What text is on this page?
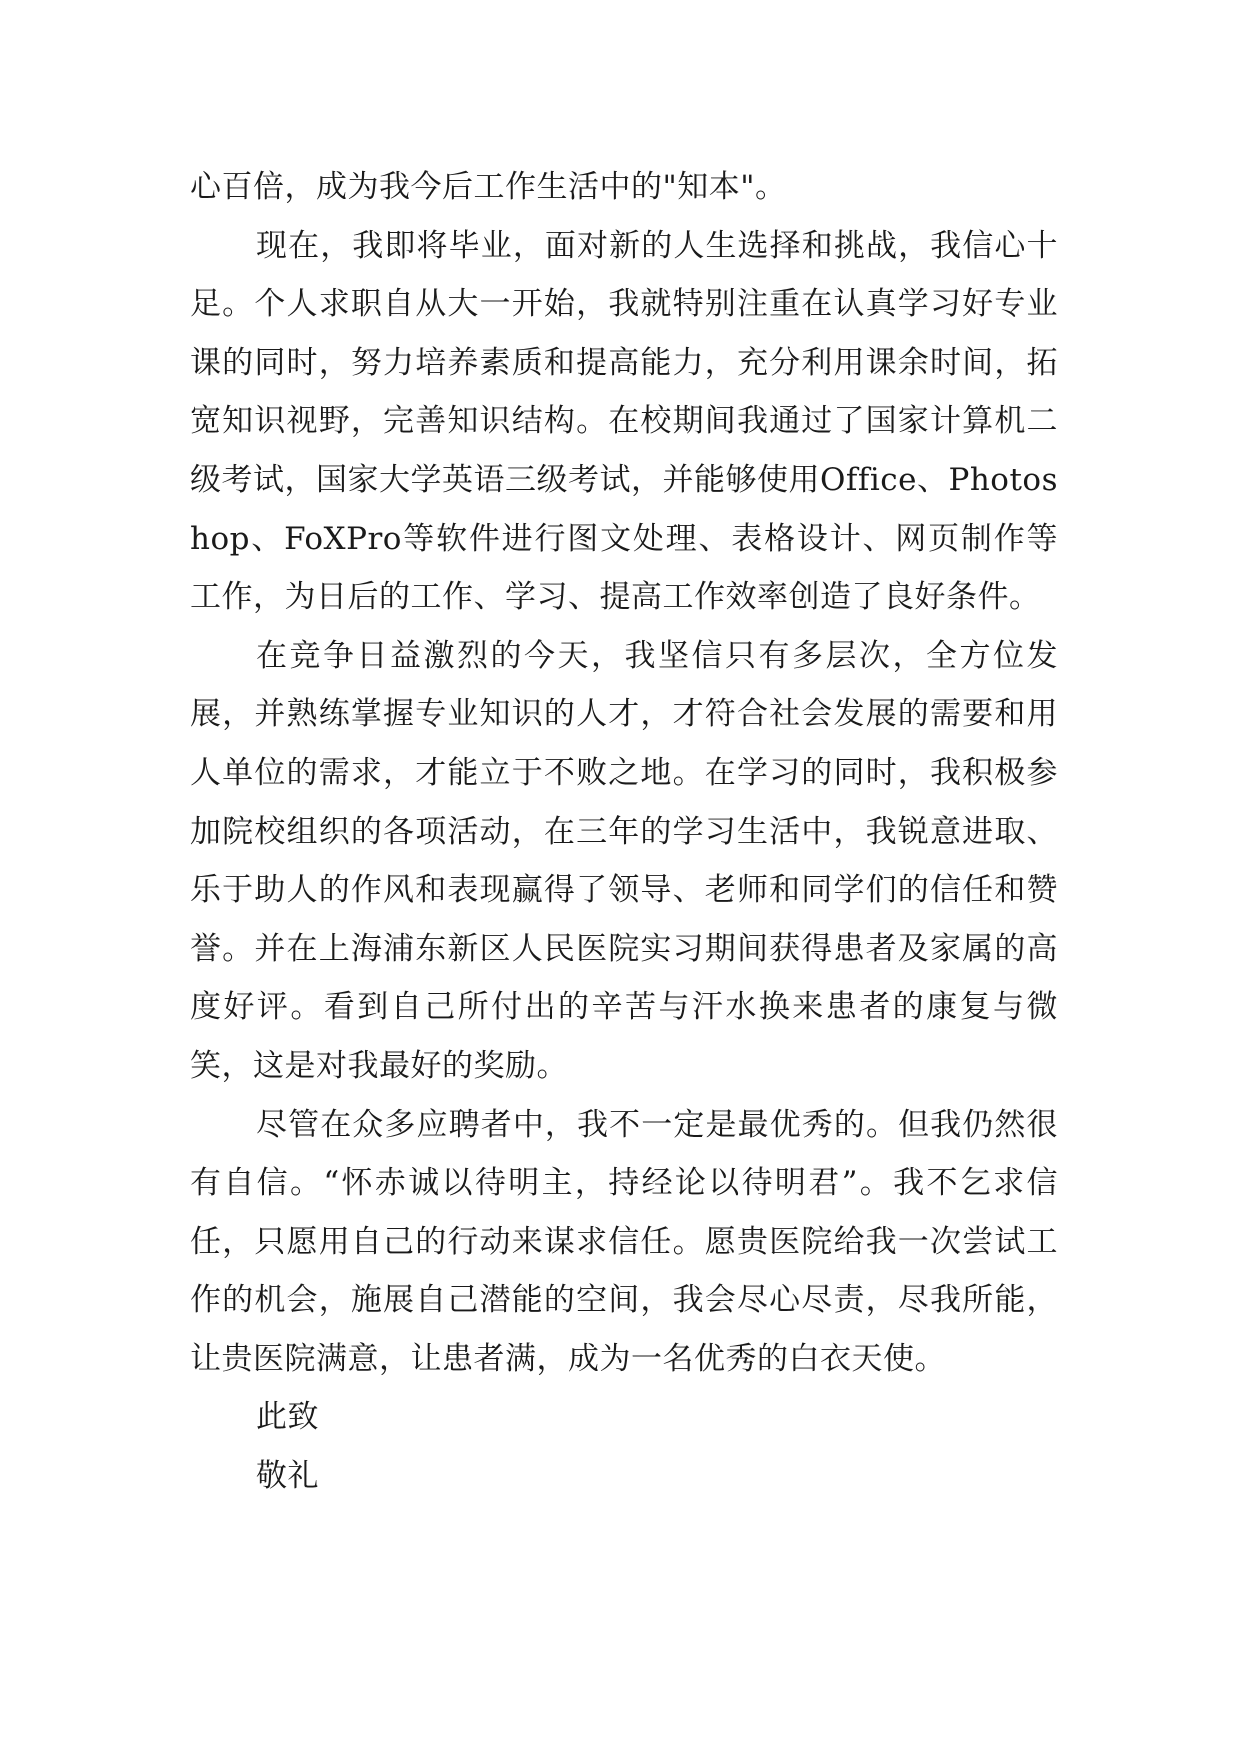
心百倍，成为我今后工作生活中的"知本"。

现在，我即将毕业，面对新的人生选择和挑战，我信心十足。个人求职自从大一开始，我就特别注重在认真学习好专业课的同时，努力培养素质和提高能力，充分利用课余时间，拓宽知识视野，完善知识结构。在校期间我通过了国家计算机二级考试，国家大学英语三级考试，并能够使用Office、Photoshop、FoXPro等软件进行图文处理、表格设计、网页制作等工作，为日后的工作、学习、提高工作效率创造了良好条件。

在竞争日益激烈的今天，我坚信只有多层次，全方位发展，并熟练掌握专业知识的人才，才符合社会发展的需要和用人单位的需求，才能立于不败之地。在学习的同时，我积极参加院校组织的各项活动，在三年的学习生活中，我锐意进取、乐于助人的作风和表现赢得了领导、老师和同学们的信任和赞誉。并在上海浦东新区人民医院实习期间获得患者及家属的高度好评。看到自己所付出的辛苦与汗水换来患者的康复与微笑，这是对我最好的奖励。

尽管在众多应聘者中，我不一定是最优秀的。但我仍然很有自信。“怀赤诚以待明主，持经论以待明君”。我不乞求信任，只愿用自己的行动来谋求信任。愿贵医院给我一次尝试工作的机会，施展自己潜能的空间，我会尽心尽责，尽我所能，让贵医院满意，让患者满，成为一名优秀的白衣天使。

此致

敬礼
